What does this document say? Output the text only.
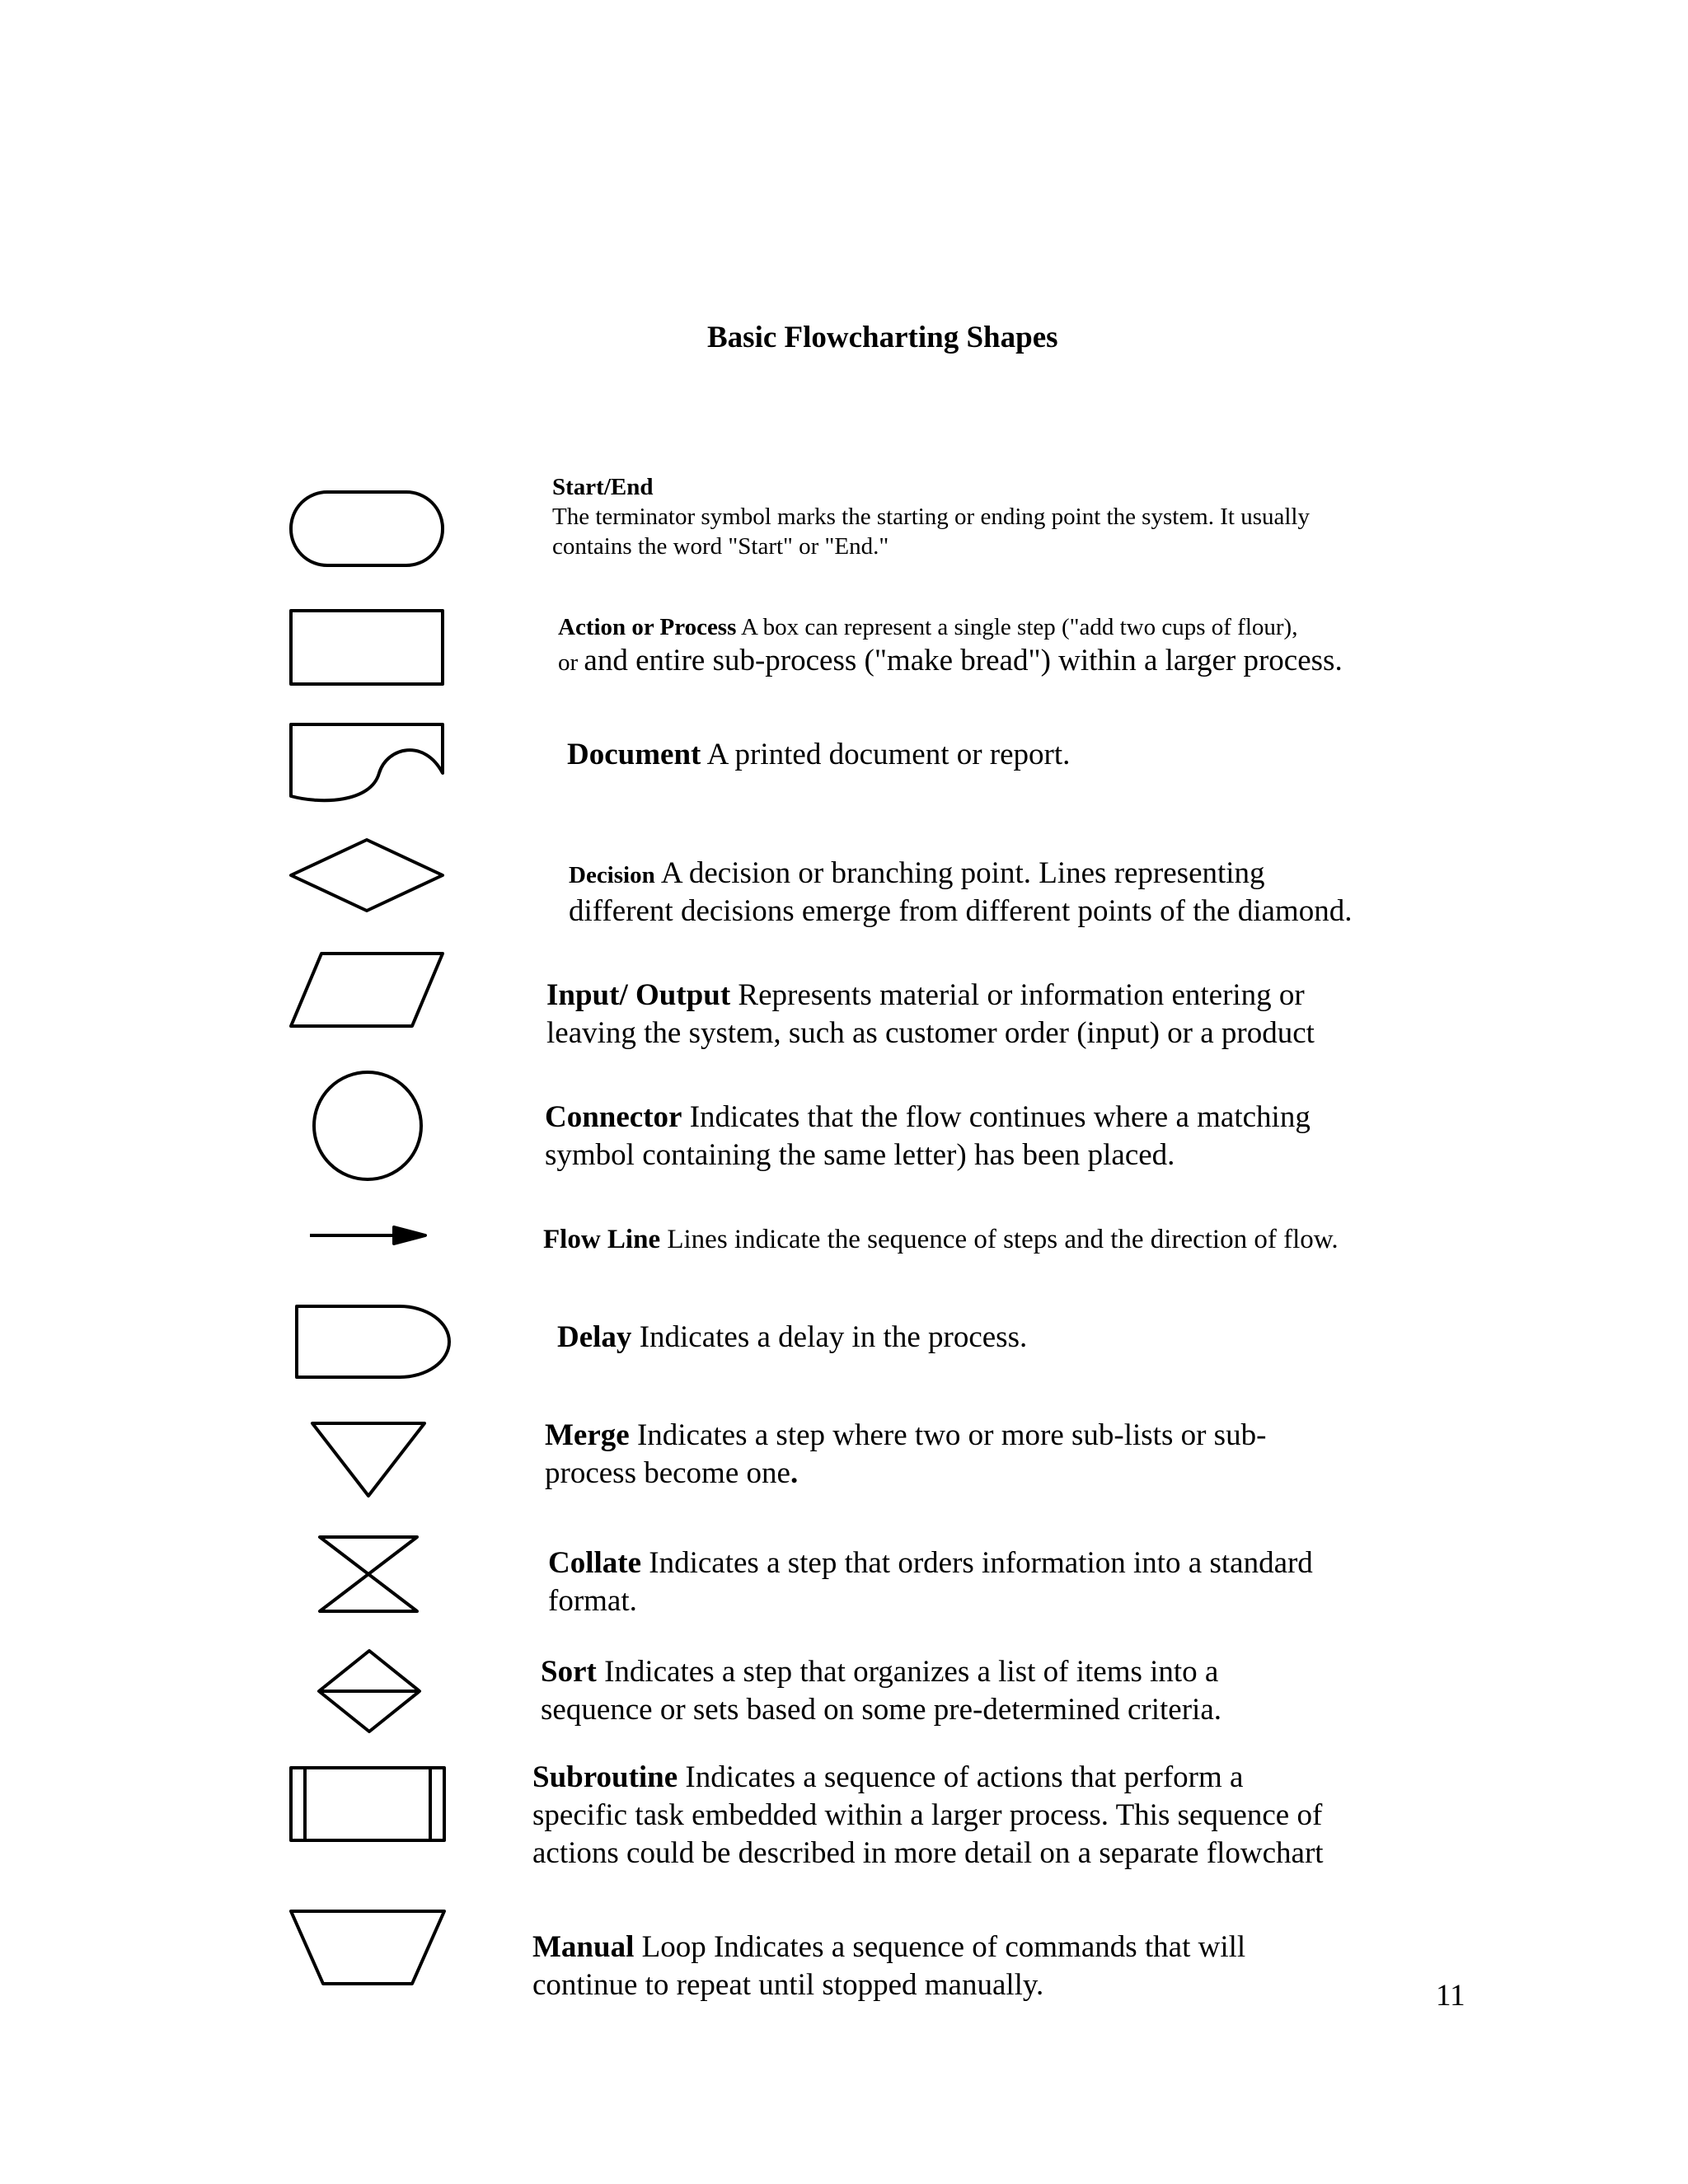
Basic Flowcharting Shapes
Start/End
The terminator symbol marks the starting or ending point the system. It usually
contains the word "Start" or "End."
Action or Process A box can represent a single step ("add two cups of flour),
or and entire sub-process ("make bread") within a larger process.
Document A printed document or report.
Decision A decision or branching point. Lines representing
different decisions emerge from different points of the diamond.
Input/ Output Represents material or information entering or
leaving the system, such as customer order (input) or a product
Connector Indicates that the flow continues where a matching
symbol containing the same letter) has been placed.
Flow Line Lines indicate the sequence of steps and the direction of flow.
Delay Indicates a delay in the process.
Merge Indicates a step where two or more sub-lists or sub-
process become one.
Collate Indicates a step that orders information into a standard
format.
Sort Indicates a step that organizes a list of items into a
sequence or sets based on some pre-determined criteria.
Subroutine Indicates a sequence of actions that perform a
specific task embedded within a larger process. This sequence of
actions could be described in more detail on a separate flowchart
Manual Loop Indicates a sequence of commands that will
continue to repeat until stopped manually.	11
